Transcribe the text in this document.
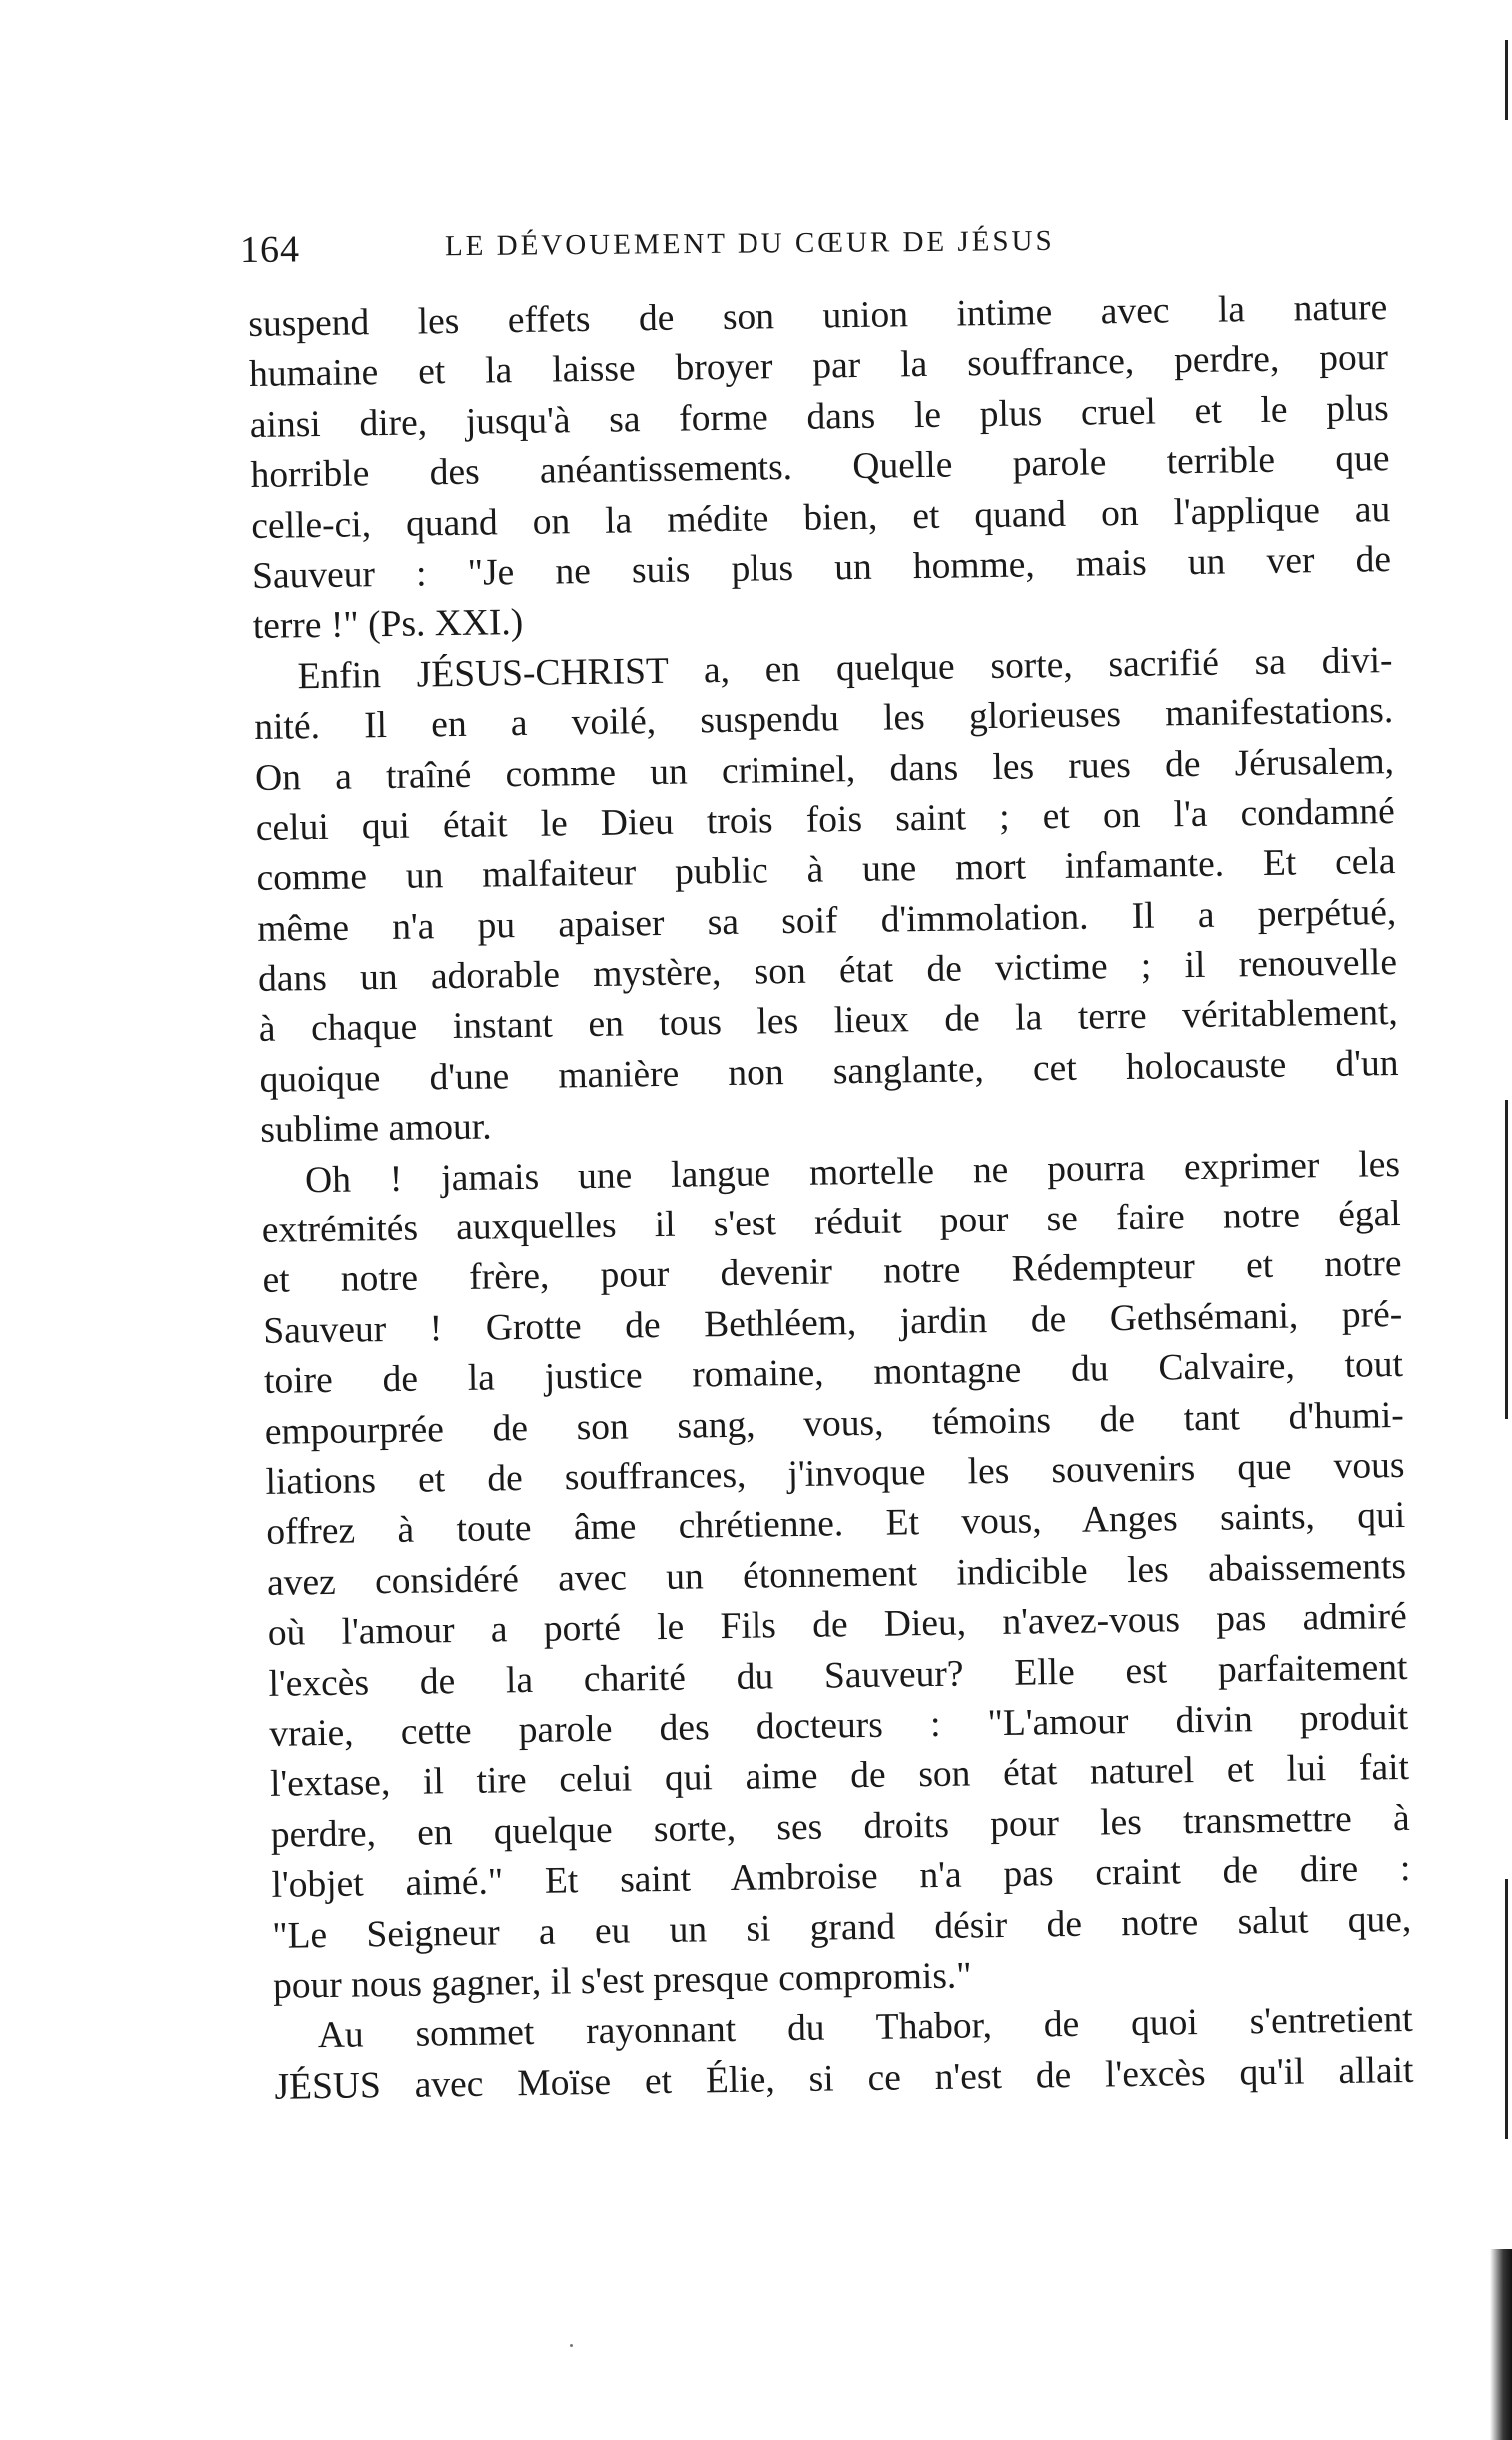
164	LE DÉVOUEMENT DU CŒUR DE JÉSUS
suspend les effets de son union intime avec la nature
humaine et la laisse broyer par la souffrance, perdre, pour
ainsi dire, jusqu'à sa forme dans le plus cruel et le plus
horrible des anéantissements. Quelle parole terrible que
celle-ci, quand on la médite bien, et quand on l'applique au
Sauveur : "Je ne suis plus un homme, mais un ver de
terre !" (Ps. XXI.)
Enfin JÉSUS-CHRIST a, en quelque sorte, sacrifié sa divi-
nité. Il en a voilé, suspendu les glorieuses manifestations.
On a traîné comme un criminel, dans les rues de Jérusalem,
celui qui était le Dieu trois fois saint ; et on l'a condamné
comme un malfaiteur public à une mort infamante. Et cela
même n'a pu apaiser sa soif d'immolation. Il a perpétué,
dans un adorable mystère, son état de victime ; il renouvelle
à chaque instant en tous les lieux de la terre véritablement,
quoique d'une manière non sanglante, cet holocauste d'un
sublime amour.
Oh ! jamais une langue mortelle ne pourra exprimer les
extrémités auxquelles il s'est réduit pour se faire notre égal
et notre frère, pour devenir notre Rédempteur et notre
Sauveur ! Grotte de Bethléem, jardin de Gethsémani, pré-
toire de la justice romaine, montagne du Calvaire, tout
empourprée de son sang, vous, témoins de tant d'humi-
liations et de souffrances, j'invoque les souvenirs que vous
offrez à toute âme chrétienne. Et vous, Anges saints, qui
avez considéré avec un étonnement indicible les abaissements
où l'amour a porté le Fils de Dieu, n'avez-vous pas admiré
l'excès de la charité du Sauveur? Elle est parfaitement
vraie, cette parole des docteurs : "L'amour divin produit
l'extase, il tire celui qui aime de son état naturel et lui fait
perdre, en quelque sorte, ses droits pour les transmettre à
l'objet aimé." Et saint Ambroise n'a pas craint de dire :
"Le Seigneur a eu un si grand désir de notre salut que,
pour nous gagner, il s'est presque compromis."
Au sommet rayonnant du Thabor, de quoi s'entretient
JÉSUS avec Moïse et Élie, si ce n'est de l'excès qu'il allait
